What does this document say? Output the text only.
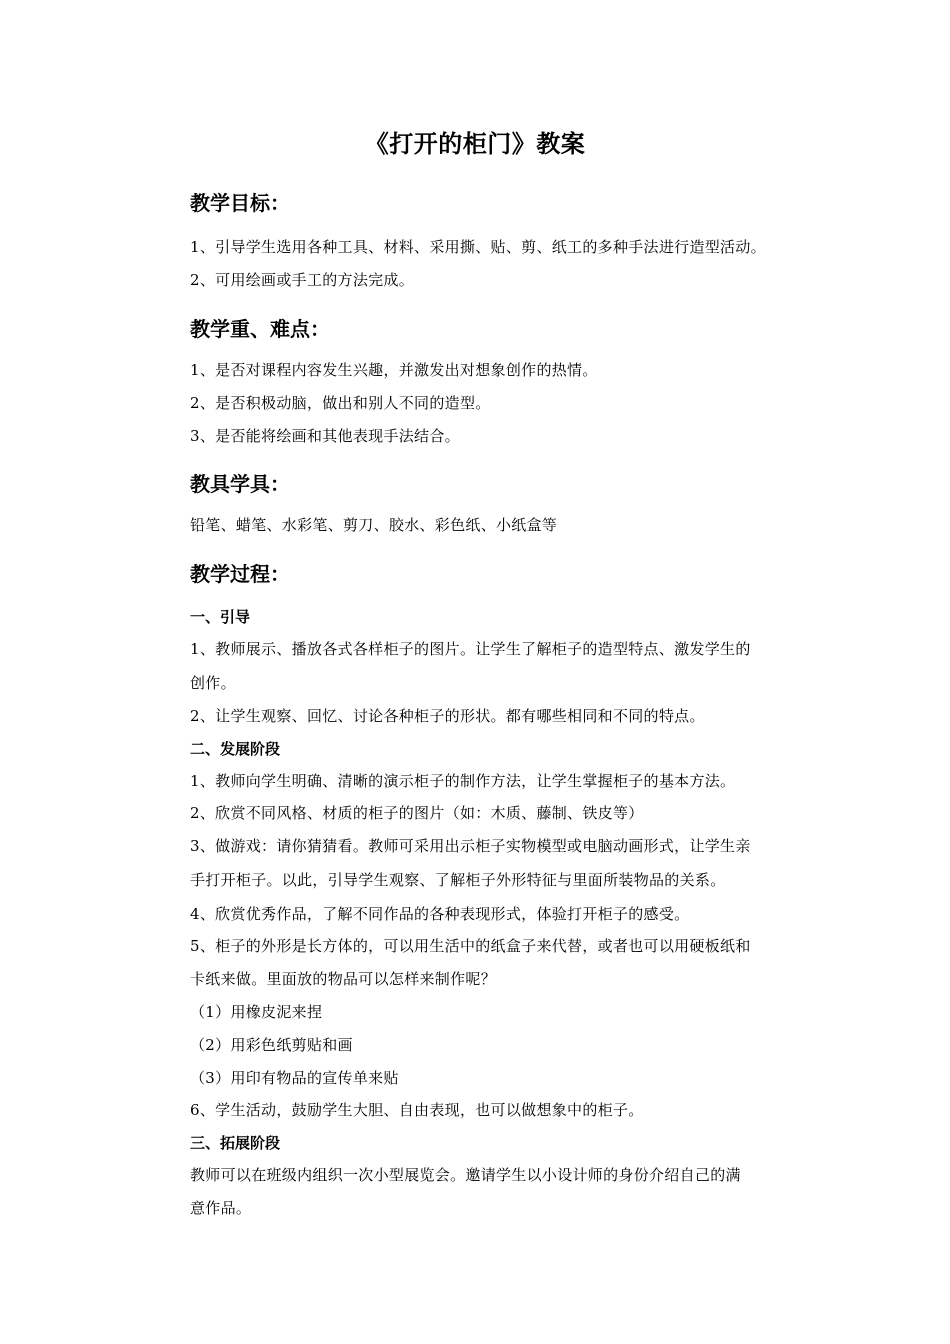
《打开的柜门》教案
教学目标：
1、引导学生选用各种工具、材料、采用撕、贴、剪、纸工的多种手法进行造型活动。
2、可用绘画或手工的方法完成。
教学重、难点：
1、是否对课程内容发生兴趣，并激发出对想象创作的热情。
2、是否积极动脑，做出和别人不同的造型。
3、是否能将绘画和其他表现手法结合。
教具学具：
铅笔、蜡笔、水彩笔、剪刀、胶水、彩色纸、小纸盒等
教学过程：
一、引导
1、教师展示、播放各式各样柜子的图片。让学生了解柜子的造型特点、激发学生的
创作。
2、让学生观察、回忆、讨论各种柜子的形状。都有哪些相同和不同的特点。
二、发展阶段
1、教师向学生明确、清晰的演示柜子的制作方法，让学生掌握柜子的基本方法。
2、欣赏不同风格、材质的柜子的图片（如：木质、藤制、铁皮等）
3、做游戏：请你猜猜看。教师可采用出示柜子实物模型或电脑动画形式，让学生亲
手打开柜子。以此，引导学生观察、了解柜子外形特征与里面所装物品的关系。
4、欣赏优秀作品，了解不同作品的各种表现形式，体验打开柜子的感受。
5、柜子的外形是长方体的，可以用生活中的纸盒子来代替，或者也可以用硬板纸和
卡纸来做。里面放的物品可以怎样来制作呢？
（1）用橡皮泥来捏
（2）用彩色纸剪贴和画
（3）用印有物品的宣传单来贴
6、学生活动，鼓励学生大胆、自由表现，也可以做想象中的柜子。
三、拓展阶段
教师可以在班级内组织一次小型展览会。邀请学生以小设计师的身份介绍自己的满
意作品。
